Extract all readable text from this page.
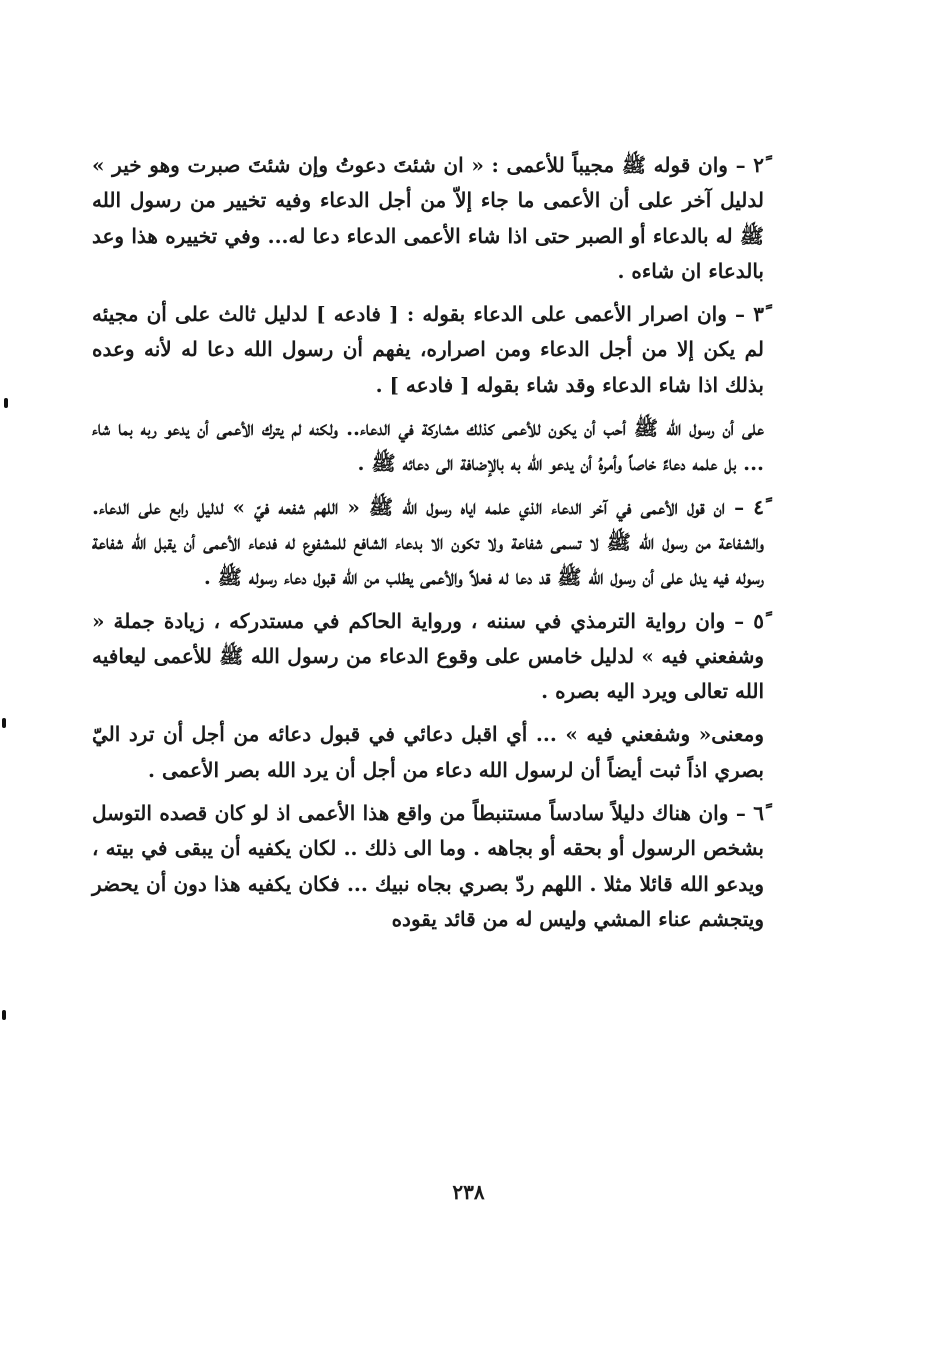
٢ً – وان قوله ﷺ مجيباً للأعمى : « ان شئتَ دعوتُ وإن شئتَ صبرت وهو خير » لدليل آخر على أن الأعمى ما جاء إلاّ من أجل الدعاء وفيه تخيير من رسول الله ﷺ له بالدعاء أو الصبر حتى اذا شاء الأعمى الدعاء دعا له... وفي تخييره هذا وعد بالدعاء ان شاءه .

٣ً – وان اصرار الأعمى على الدعاء بقوله : [ فادعه ] لدليل ثالث على أن مجيئه لم يكن إلا من أجل الدعاء ومن اصراره، يفهم أن رسول الله دعا له لأنه وعده بذلك اذا شاء الدعاء وقد شاء بقوله [ فادعه ] .

على أن رسول الله ﷺ أحب أن يكون للأعمى كذلك مشاركة في الدعاء.. ولكنه لم يترك الأعمى أن يدعو ربه بما شاء ... بل علمه دعاءً خاصاً وأمرهُ أن يدعو الله به بالإضافة الى دعائه ﷺ .

٤ً – ان قول الأعمى في آخر الدعاء الذي علمه اياه رسول الله ﷺ « اللهم شفعه فيّ » لدليل رابع على الدعاء. والشفاعة من رسول الله ﷺ لا تسمى شفاعة ولا تكون الا بدعاء الشافع للمشفوع له فدعاء الأعمى أن يقبل الله شفاعة رسوله فيه يدل على أن رسول الله ﷺ قد دعا له فعلاً والأعمى يطلب من الله قبول دعاء رسوله ﷺ .

٥ً – وان رواية الترمذي في سننه ، ورواية الحاكم في مستدركه ، زيادة جملة « وشفعني فيه » لدليل خامس على وقوع الدعاء من رسول الله ﷺ للأعمى ليعافيه الله تعالى ويرد اليه بصره .

ومعنى« وشفعني فيه » ... أي اقبل دعائي في قبول دعائه من أجل أن ترد اليّ بصري اذاً ثبت أيضاً أن لرسول الله دعاء من أجل أن يرد الله بصر الأعمى .

٦ً – وان هناك دليلاً سادساً مستنبطاً من واقع هذا الأعمى اذ لو كان قصده التوسل بشخص الرسول أو بحقه أو بجاهه . وما الى ذلك .. لكان يكفيه أن يبقى في بيته ، ويدعو الله قائلا مثلا . اللهم ردّ بصري بجاه نبيك ... فكان يكفيه هذا دون أن يحضر ويتجشم عناء المشي وليس له من قائد يقوده

٢٣٨
